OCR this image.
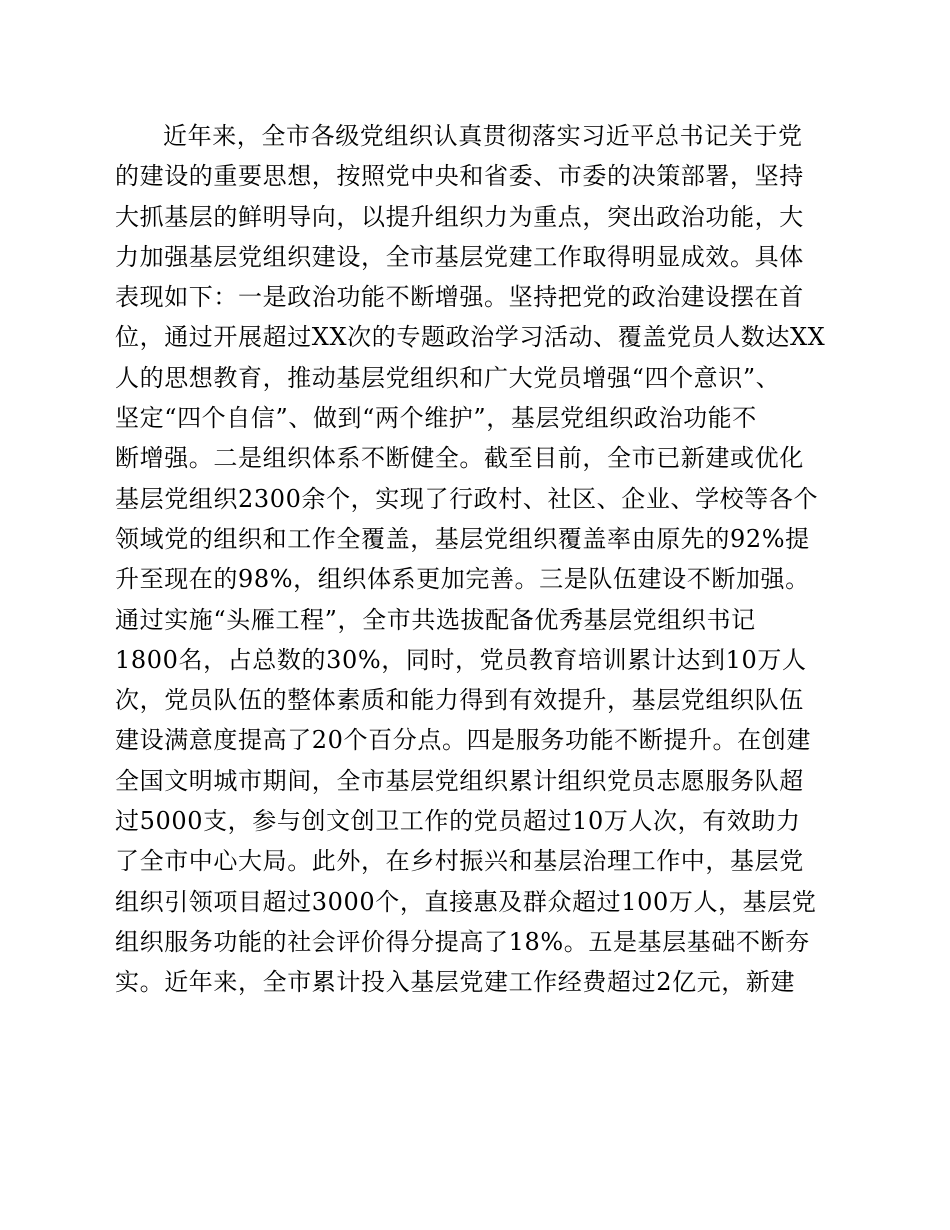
近年来，全市各级党组织认真贯彻落实习近平总书记关于党
的建设的重要思想，按照党中央和省委、市委的决策部署，坚持
大抓基层的鲜明导向，以提升组织力为重点，突出政治功能，大
力加强基层党组织建设，全市基层党建工作取得明显成效。具体
表现如下：一是政治功能不断增强。坚持把党的政治建设摆在首
位，通过开展超过XX次的专题政治学习活动、覆盖党员人数达XX
人的思想教育，推动基层党组织和广大党员增强“四个意识”、
坚定“四个自信”、做到“两个维护”，基层党组织政治功能不
断增强。二是组织体系不断健全。截至目前，全市已新建或优化
基层党组织2300余个，实现了行政村、社区、企业、学校等各个
领域党的组织和工作全覆盖，基层党组织覆盖率由原先的92%提
升至现在的98%，组织体系更加完善。三是队伍建设不断加强。
通过实施“头雁工程”，全市共选拔配备优秀基层党组织书记
1800名，占总数的30%，同时，党员教育培训累计达到10万人
次，党员队伍的整体素质和能力得到有效提升，基层党组织队伍
建设满意度提高了20个百分点。四是服务功能不断提升。在创建
全国文明城市期间，全市基层党组织累计组织党员志愿服务队超
过5000支，参与创文创卫工作的党员超过10万人次，有效助力
了全市中心大局。此外，在乡村振兴和基层治理工作中，基层党
组织引领项目超过3000个，直接惠及群众超过100万人，基层党
组织服务功能的社会评价得分提高了18%。五是基层基础不断夯
实。近年来，全市累计投入基层党建工作经费超过2亿元，新建
